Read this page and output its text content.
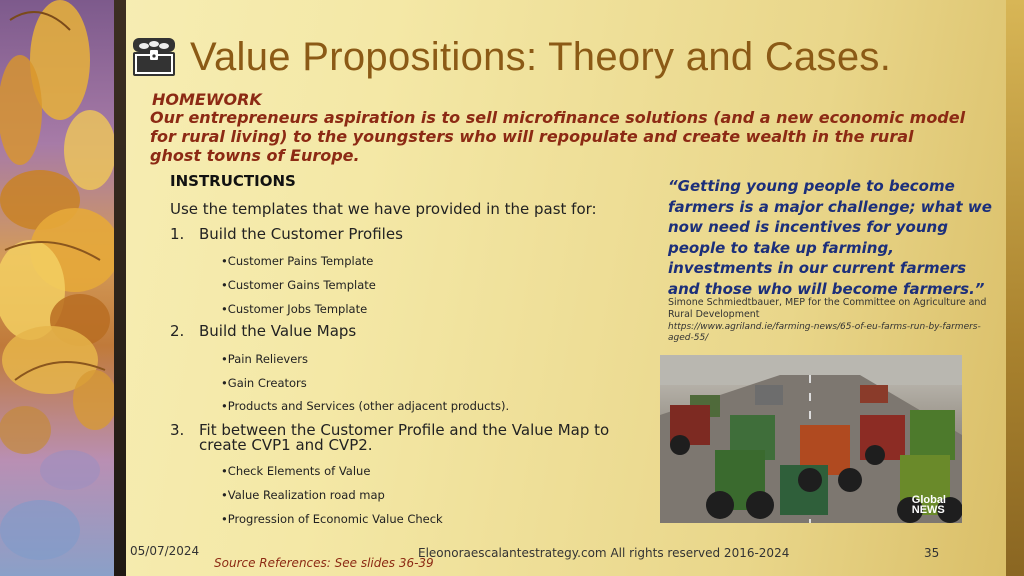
Value Propositions: Theory and Cases.
HOMEWORK
Our entrepreneurs aspiration is to sell microfinance solutions (and a new economic model for rural living) to the youngsters who will repopulate and create wealth in the rural ghost towns of Europe.
INSTRUCTIONS
Use the templates that we have provided in the past for:
1. Build the Customer Profiles
•Customer Pains Template
•Customer Gains Template
•Customer Jobs Template
2. Build the Value Maps
•Pain Relievers
•Gain Creators
•Products and Services (other adjacent products).
3. Fit between the Customer Profile and the Value Map to create CVP1 and CVP2.
•Check Elements of Value
•Value Realization road map
•Progression of Economic Value Check
“Getting young people to become farmers is a major challenge; what we now need is incentives for young people to take up farming, investments in our current farmers and those who will become farmers.”
Simone Schmiedtbauer, MEP for the Committee on Agriculture and Rural Development
https://www.agriland.ie/farming-news/65-of-eu-farms-run-by-farmers-aged-55/
Global
NEWS
05/07/2024	Eleonoraescalantestrategy.com All rights reserved 2016-2024	35
Source References: See slides 36-39
